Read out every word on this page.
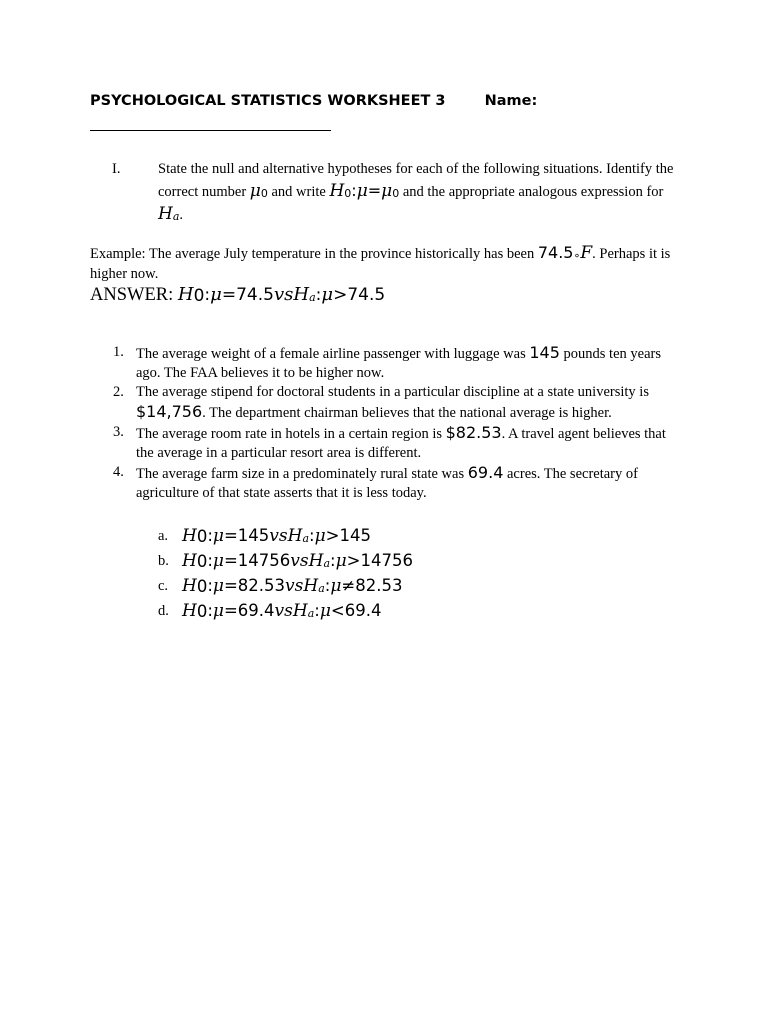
PSYCHOLOGICAL STATISTICS WORKSHEET 3	Name:
I.	State the null and alternative hypotheses for each of the following situations. Identify the correct number μ0 and write H0:μ=μ0 and the appropriate analogous expression for Ha.
Example: The average July temperature in the province historically has been 74.5∘F. Perhaps it is higher now.
ANSWER: H0:μ=74.5vsHa:μ>74.5
1. The average weight of a female airline passenger with luggage was 145 pounds ten years ago. The FAA believes it to be higher now.
2. The average stipend for doctoral students in a particular discipline at a state university is $14,756. The department chairman believes that the national average is higher.
3. The average room rate in hotels in a certain region is $82.53. A travel agent believes that the average in a particular resort area is different.
4. The average farm size in a predominately rural state was 69.4 acres. The secretary of agriculture of that state asserts that it is less today.
a. H0:μ=145vsHa:μ>145
b. H0:μ=14756vsHa:μ>14756
c. H0:μ=82.53vsHa:μ≠82.53
d. H0:μ=69.4vsHa:μ<69.4
